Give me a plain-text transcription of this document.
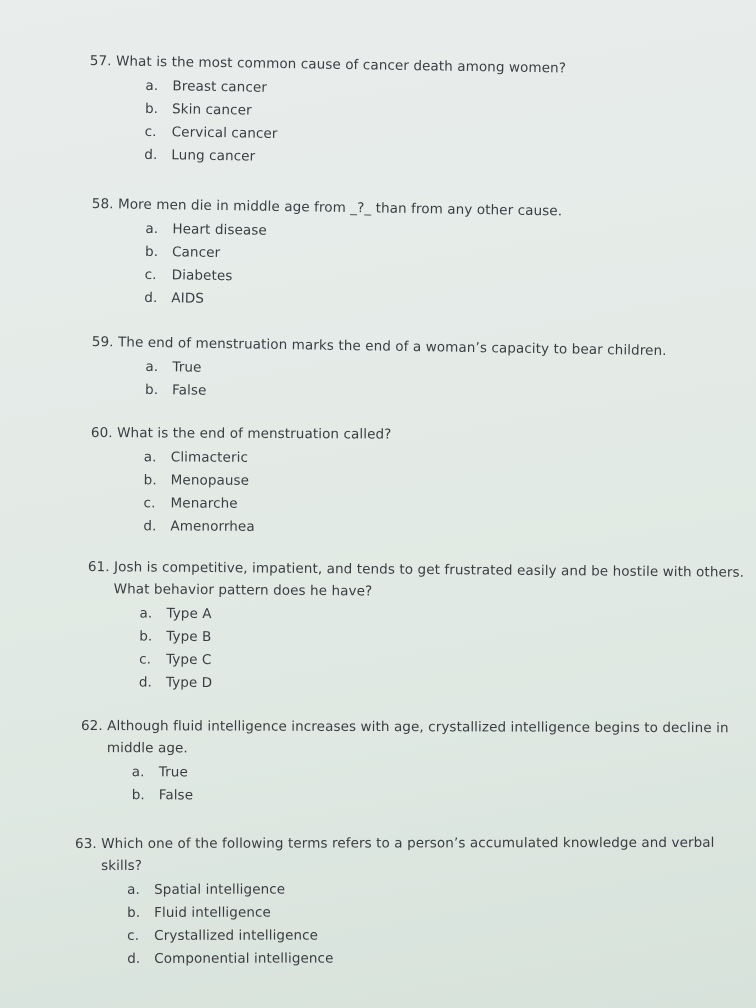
57. What is the most common cause of cancer death among women?
a.	Breast cancer
b.	Skin cancer
c.	Cervical cancer
d.	Lung cancer
58. More men die in middle age from _?_ than from any other cause.
a.	Heart disease
b.	Cancer
c.	Diabetes
d.	AIDS
59. The end of menstruation marks the end of a woman’s capacity to bear children.
a.	True
b.	False
60. What is the end of menstruation called?
a.	Climacteric
b.	Menopause
c.	Menarche
d.	Amenorrhea
61. Josh is competitive, impatient, and tends to get frustrated easily and be hostile with others.
What behavior pattern does he have?
a.	Type A
b.	Type B
c.	Type C
d.	Type D
62. Although fluid intelligence increases with age, crystallized intelligence begins to decline in
middle age.
a.	True
b.	False
63. Which one of the following terms refers to a person’s accumulated knowledge and verbal
skills?
a.	Spatial intelligence
b.	Fluid intelligence
c.	Crystallized intelligence
d.	Componential intelligence
